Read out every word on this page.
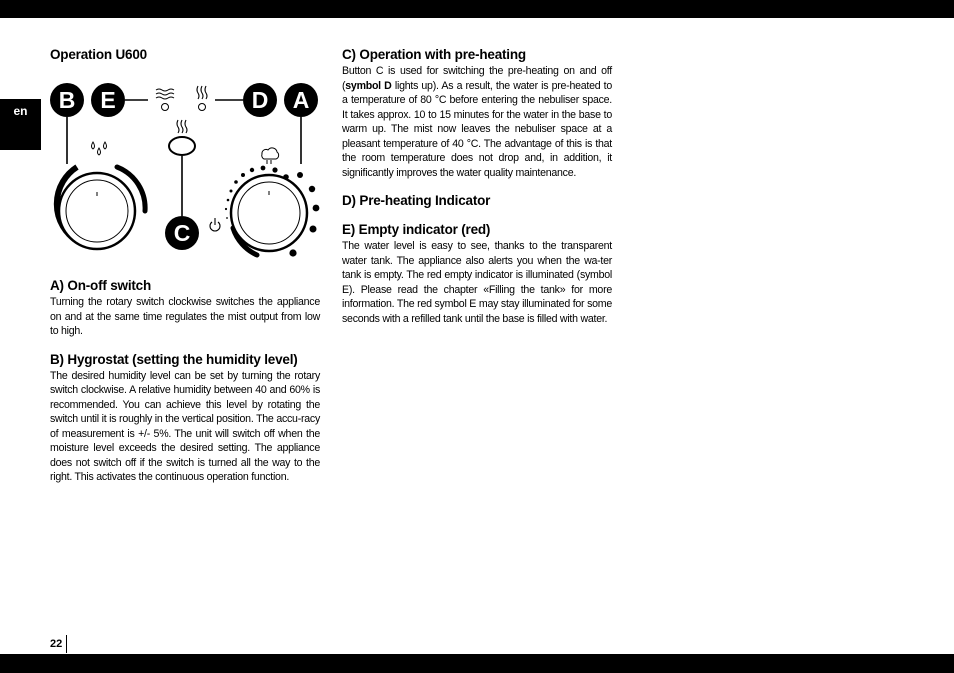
en
Operation U600
B E	D A
C
A) On-off switch

Turning the rotary switch clockwise switches the appliance on and at the same time regulates the mist output from low to high.

B) Hygrostat (setting the humidity level)

The desired humidity level can be set by turning the rotary switch clockwise. A relative humidity between 40 and 60% is recommended. You can achieve this level by rotating the switch until it is roughly in the vertical position. The accu-racy of measurement is +/- 5%. The unit will switch off when the moisture level exceeds the desired setting. The appliance does not switch off if the switch is turned all the way to the right. This activates the continuous operation function.

C) Operation with pre-heating

Button C is used for switching the pre-heating on and off (symbol D lights up). As a result, the water is pre-heated to a temperature of 80 °C before entering the nebuliser space. It takes approx. 10 to 15 minutes for the water in the base to warm up. The mist now leaves the nebuliser space at a pleasant temperature of 40 °C. The advantage of this is that the room temperature does not drop and, in addition, it significantly improves the water quality maintenance.

D) Pre-heating Indicator
E) Empty indicator (red)

The water level is easy to see, thanks to the transparent water tank. The appliance also alerts you when the wa-ter tank is empty. The red empty indicator is illuminated (symbol E). Please read the chapter «Filling the tank» for more information. The red symbol E may stay illuminated for some seconds with a refilled tank until the base is filled with water.

22
